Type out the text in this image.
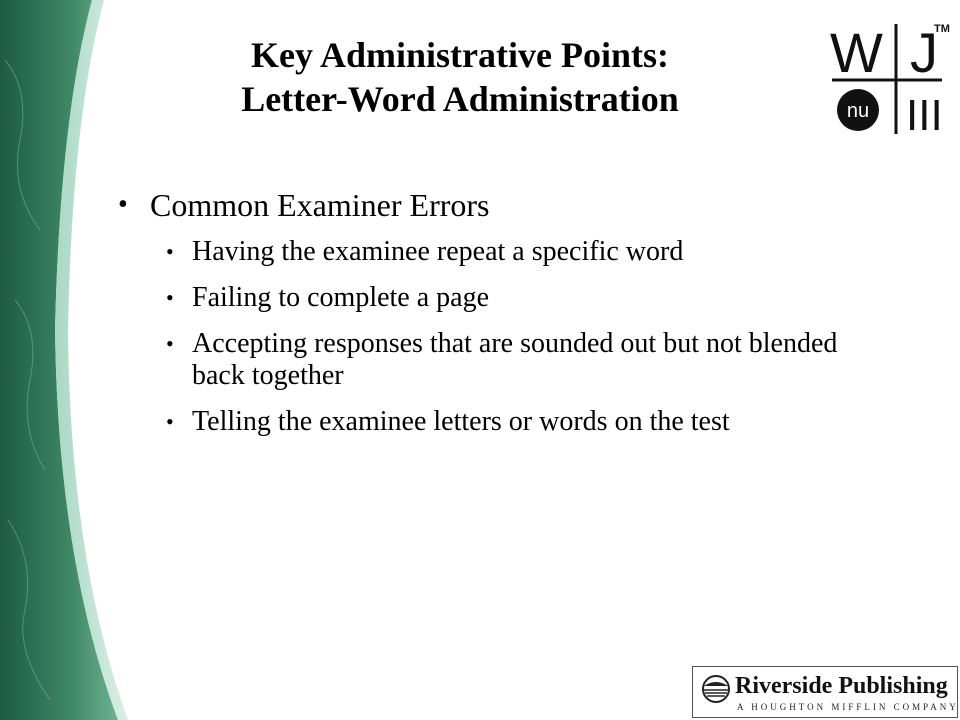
Key Administrative Points:
Letter-Word Administration
W J
TM
nu III
• Common Examiner Errors
• Having the examinee repeat a specific word
• Failing to complete a page
• Accepting responses that are sounded out but not blended back together
• Telling the examinee letters or words on the test
Riverside Publishing
A HOUGHTON MIFFLIN COMPANY
